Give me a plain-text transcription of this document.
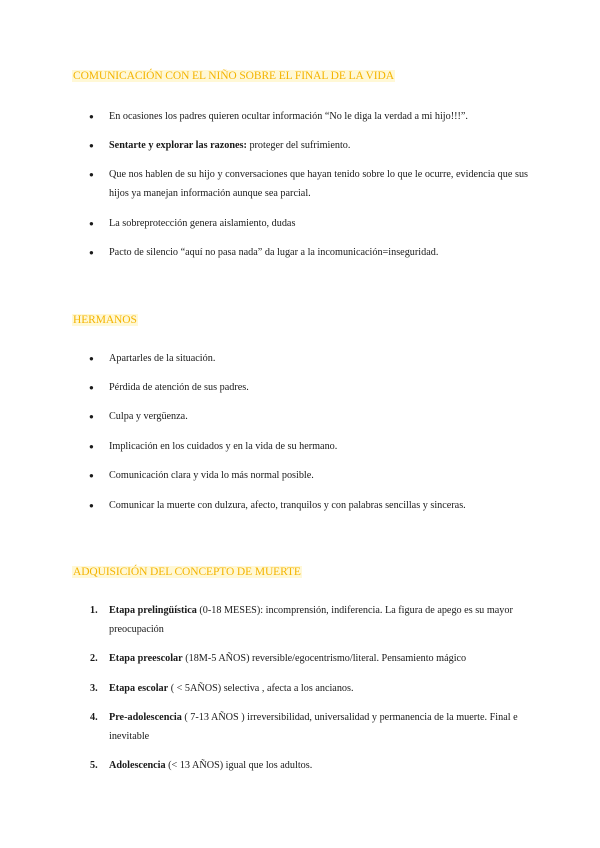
COMUNICACIÓN CON EL NIÑO SOBRE EL FINAL DE LA VIDA
● En ocasiones los padres quieren ocultar información “No le diga la verdad a mi hijo!!!”.
● Sentarte y explorar las razones: proteger del sufrimiento.
● Que nos hablen de su hijo y conversaciones que hayan tenido sobre lo que le ocurre, evidencia que sus hijos ya manejan información aunque sea parcial.
● La sobreprotección genera aislamiento, dudas
● Pacto de silencio “aquí no pasa nada” da lugar a la incomunicación=inseguridad.
HERMANOS
● Apartarles de la situación.
● Pérdida de atención de sus padres.
● Culpa y vergüenza.
● Implicación en los cuidados y en la vida de su hermano.
● Comunicación clara y vida lo más normal posible.
● Comunicar la muerte con dulzura, afecto, tranquilos y con palabras sencillas y sinceras.
ADQUISICIÓN DEL CONCEPTO DE MUERTE
1. Etapa prelingüística (0-18 MESES): incomprensión, indiferencia. La figura de apego es su mayor preocupación
2. Etapa preescolar (18M-5 AÑOS) reversible/egocentrismo/literal. Pensamiento mágico
3. Etapa escolar ( < 5AÑOS) selectiva , afecta a los ancianos.
4. Pre-adolescencia ( 7-13 AÑOS ) irreversibilidad, universalidad y permanencia de la muerte. Final e inevitable
5. Adolescencia (< 13 AÑOS) igual que los adultos.
